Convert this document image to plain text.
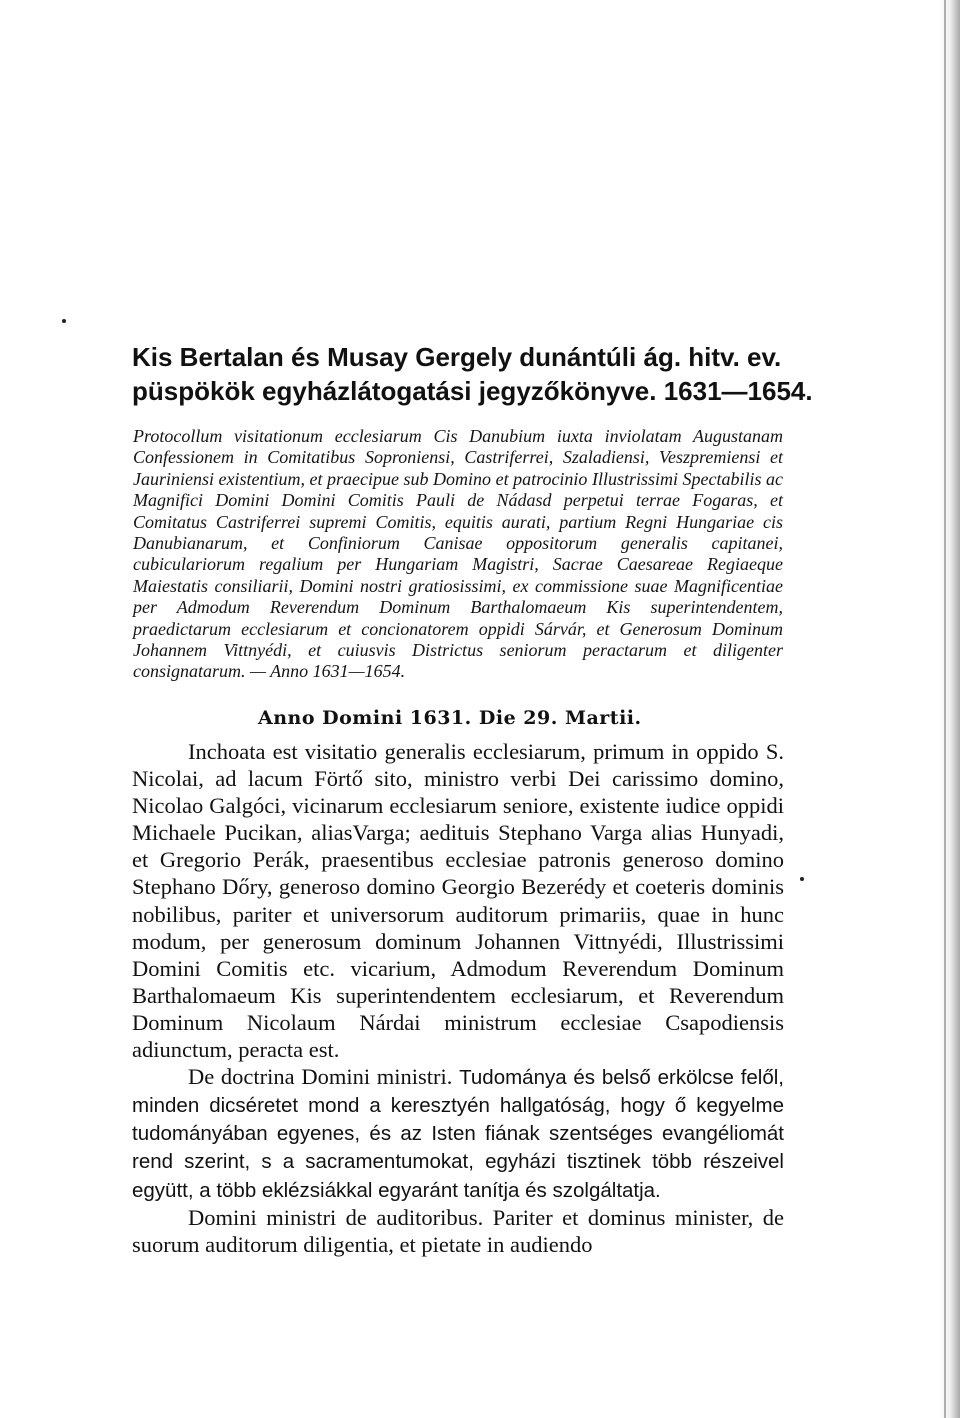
Kis Bertalan és Musay Gergely dunántúli ág. hitv. ev.
püspökök egyházlátogatási jegyzőkönyve. 1631—1654.
Protocollum visitationum ecclesiarum Cis Danubium iuxta inviolatam Augustanam Confessionem in Comitatibus Soproniensi, Castriferrei, Szaladiensi, Veszpremiensi et Jauriniensi existentium, et praecipue sub Domino et patrocinio Illustrissimi Spectabilis ac Magnifici Domini Domini Comitis Pauli de Nádasd perpetui terrae Fogaras, et Comitatus Castriferrei supremi Comitis, equitis aurati, partium Regni Hungariae cis Danubianarum, et Confiniorum Canisae oppositorum generalis capitanei, cubiculariorum regalium per Hungariam Magistri, Sacrae Caesareae Regiaeque Maiestatis consiliarii, Domini nostri gratiosissimi, ex commissione suae Magnificentiae per Admodum Reverendum Dominum Barthalomaeum Kis superintendentem, praedictarum ecclesiarum et concionatorem oppidi Sárvár, et Generosum Dominum Johannem Vittnyédi, et cuiusvis Districtus seniorum peractarum et diligenter consignatarum. — Anno 1631—1654.
Anno Domini 1631. Die 29. Martii.

Inchoata est visitatio generalis ecclesiarum, primum in oppido S. Nicolai, ad lacum Förtő sito, ministro verbi Dei carissimo domino, Nicolao Galgóci, vicinarum ecclesiarum seniore, existente iudice oppidi Michaele Pucikan, aliasVarga; aedituis Stephano Varga alias Hunyadi, et Gregorio Perák, praesentibus ecclesiae patronis generoso domino Stephano Dőry, generoso domino Georgio Bezerédy et coeteris dominis nobilibus, pariter et universorum auditorum primariis, quae in hunc modum, per generosum dominum Johannen Vittnyédi, Illustrissimi Domini Comitis etc. vicarium, Admodum Reverendum Dominum Barthalomaeum Kis superintendentem ecclesiarum, et Reverendum Dominum Nicolaum Nárdai ministrum ecclesiae Csapodiensis adiunctum, peracta est.

De doctrina Domini ministri. Tudománya és belső erkölcse felől, minden dicséretet mond a keresztyén hallgatóság, hogy ő kegyelme tudományában egyenes, és az Isten fiának szentséges evangéliomát rend szerint, s a sacramentumokat, egyházi tisztinek több részeivel együtt, a több eklézsiákkal egyaránt tanítja és szolgáltatja.

Domini ministri de auditoribus. Pariter et dominus minister, de suorum auditorum diligentia, et pietate in audiendo
